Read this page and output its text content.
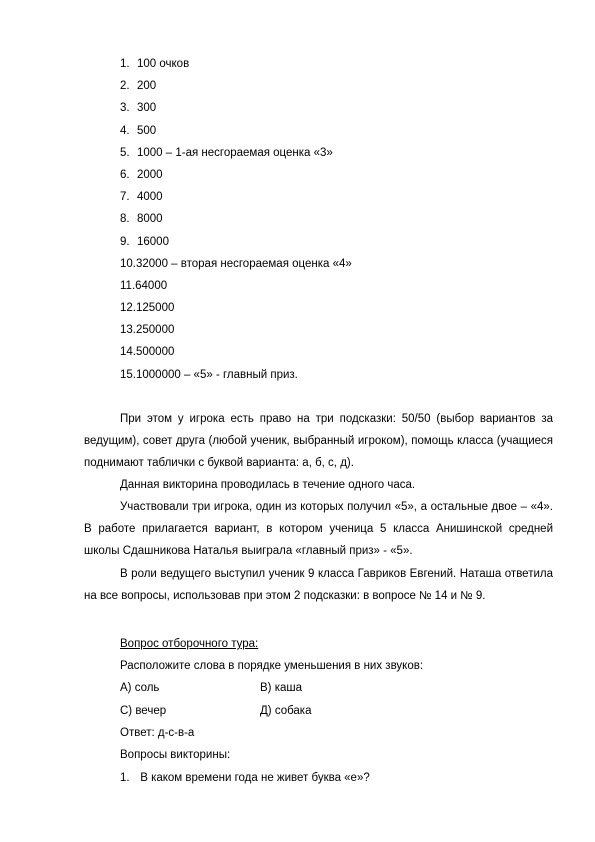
1. 100 очков
2. 200
3. 300
4. 500
5. 1000 – 1-ая несгораемая оценка «3»
6. 2000
7. 4000
8. 8000
9. 16000
10.32000 – вторая несгораемая оценка «4»
11.64000
12.125000
13.250000
14.500000
15.1000000 – «5» - главный приз.

При этом у игрока есть право на три подсказки: 50/50 (выбор вариантов за ведущим), совет друга (любой ученик, выбранный игроком), помощь класса (учащиеся поднимают таблички с буквой варианта: а, б, с, д).

Данная викторина проводилась в течение одного часа.

Участвовали три игрока, один из которых получил «5», а остальные двое – «4». В работе прилагается вариант, в котором ученица 5 класса Анишинской средней школы Сдашникова Наталья выиграла «главный приз» - «5».

В роли ведущего выступил ученик 9 класса Гавриков Евгений. Наташа ответила на все вопросы, использовав при этом 2 подсказки: в вопросе № 14 и № 9.

Вопрос отборочного тура:
Расположите слова в порядке уменьшения в них звуков:
А) соль	В) каша
С) вечер	Д) собака
Ответ: д-с-в-а
Вопросы викторины:
1. В каком времени года не живет буква «е»?
